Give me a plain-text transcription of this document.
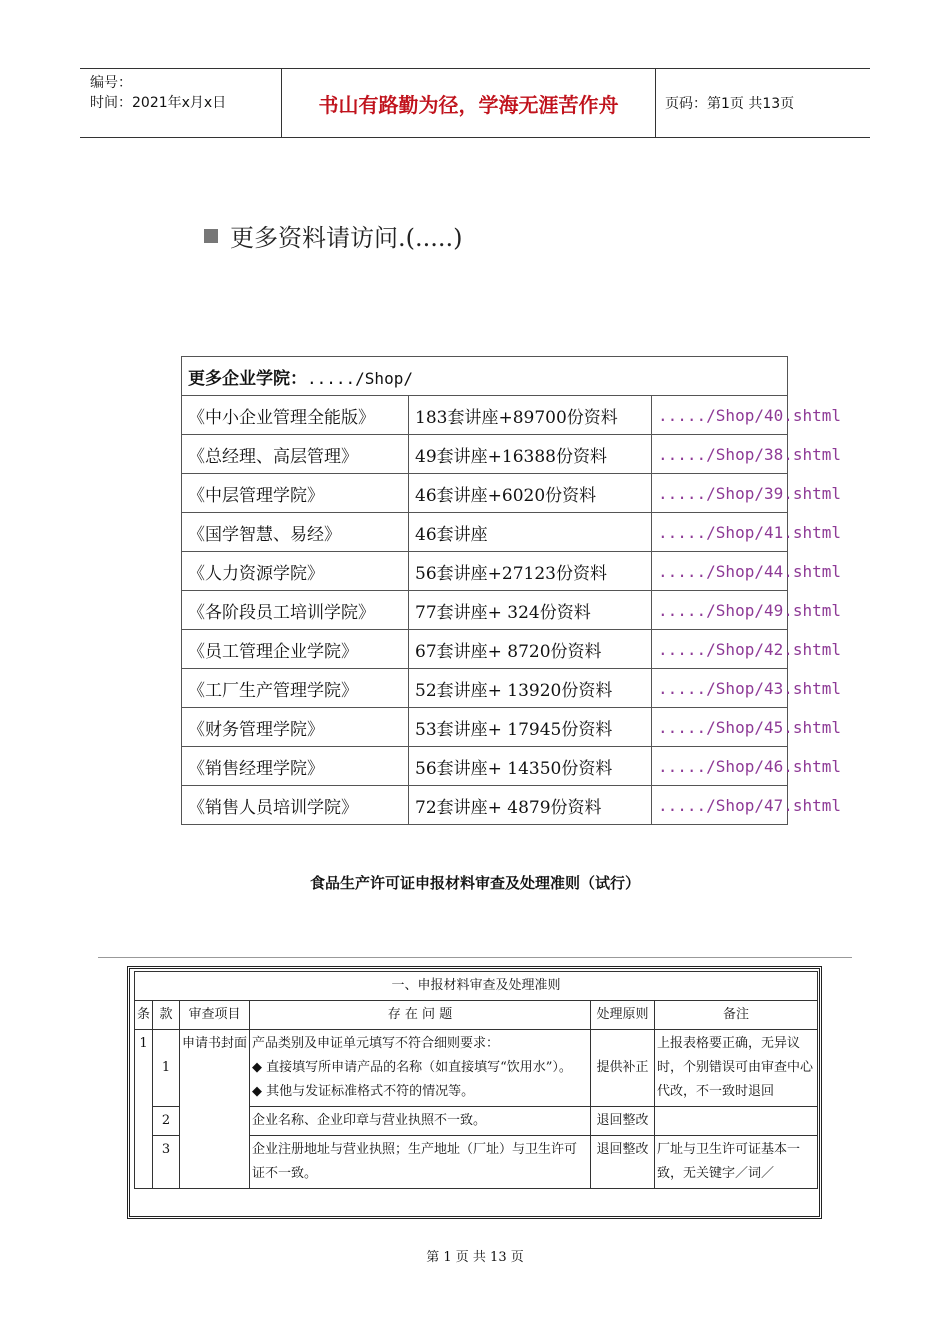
编号：
时间：2021年x月x日	书山有路勤为径，学海无涯苦作舟	页码：第1页 共13页
更多资料请访问.(.....)
更多企业学院：...../Shop/		
《中小企业管理全能版》	183套讲座+89700份资料	...../Shop/40.shtml
《总经理、高层管理》	49套讲座+16388份资料	...../Shop/38.shtml
《中层管理学院》	46套讲座+6020份资料	...../Shop/39.shtml
《国学智慧、易经》	46套讲座	...../Shop/41.shtml
《人力资源学院》	56套讲座+27123份资料	...../Shop/44.shtml
《各阶段员工培训学院》	77套讲座+ 324份资料	...../Shop/49.shtml
《员工管理企业学院》	67套讲座+ 8720份资料	...../Shop/42.shtml
《工厂生产管理学院》	52套讲座+ 13920份资料	...../Shop/43.shtml
《财务管理学院》	53套讲座+ 17945份资料	...../Shop/45.shtml
《销售经理学院》	56套讲座+ 14350份资料	...../Shop/46.shtml
《销售人员培训学院》	72套讲座+ 4879份资料	...../Shop/47.shtml
食品生产许可证申报材料审查及处理准则（试行）
一、申报材料审查及处理准则					
条	款	审查项目	存 在 问 题	处理原则	备注
1	1	申请书封面	产品类别及申证单元填写不符合细则要求：
◆ 直接填写所申请产品的名称（如直接填写“饮用水”）。
◆ 其他与发证标准格式不符的情况等。	提供补正	上报表格要正确，无异议时，个别错误可由审查中心代改，不一致时退回
	2		企业名称、企业印章与营业执照不一致。	退回整改	
	3		企业注册地址与营业执照；生产地址（厂址）与卫生许可证不一致。	退回整改	厂址与卫生许可证基本一致，无关键字／词／
第 1 页 共 13 页
